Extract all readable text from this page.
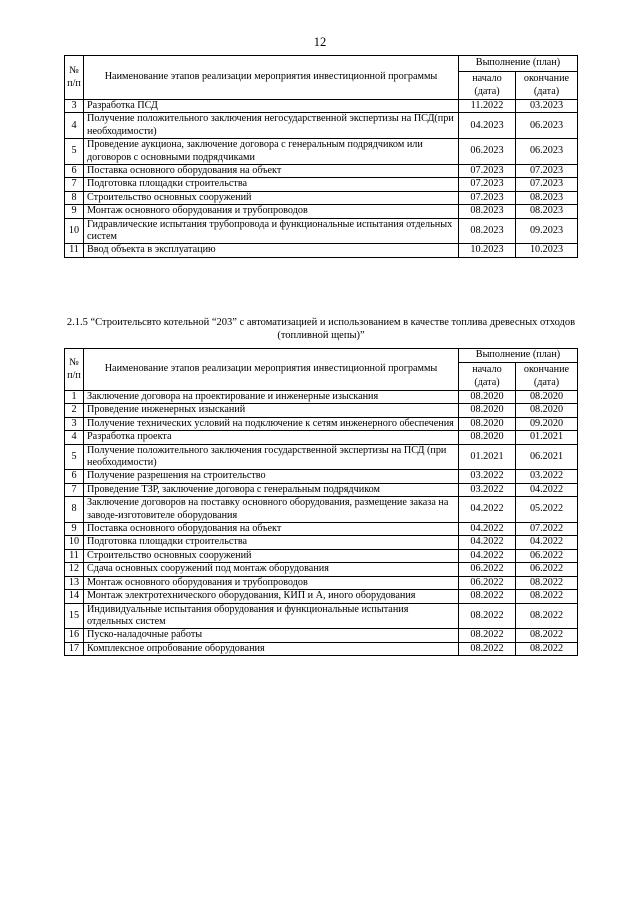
12
№ п/п	Наименование этапов реализации мероприятия инвестиционной программы	Выполнение (план)	
		начало (дата)	окончание (дата)
3	Разработка ПСД	11.2022	03.2023
4	Получение положительного заключения негосударственной экспертизы на ПСД(при необходимости)	04.2023	06.2023
5	Проведение аукциона, заключение договора с генеральным подрядчиком или договоров с основными подрядчиками	06.2023	06.2023
6	Поставка основного оборудования на объект	07.2023	07.2023
7	Подготовка площадки строительства	07.2023	07.2023
8	Строительство основных сооружений	07.2023	08.2023
9	Монтаж основного оборудования и трубопроводов	08.2023	08.2023
10	Гидравлические испытания трубопровода и функциональные испытания отдельных систем	08.2023	09.2023
11	Ввод объекта в эксплуатацию	10.2023	10.2023
2.1.5 “Строительсвто котельной “203” с автоматизацией и использованием в качестве топлива древесных отходов (топливной щепы)”
№ п/п	Наименование этапов реализации мероприятия инвестиционной программы	Выполнение (план)	
		начало (дата)	окончание (дата)
1	Заключение договора на проектирование и инженерные изыскания	08.2020	08.2020
2	Проведение инженерных изысканий	08.2020	08.2020
3	Получение технических условий на подключение к сетям инженерного обеспечения	08.2020	09.2020
4	Разработка проекта	08.2020	01.2021
5	Получение положительного заключения государственной экспертизы на ПСД (при необходимости)	01.2021	06.2021
6	Получение разрешения на строительство	03.2022	03.2022
7	Проведение ТЗР, заключение договора с генеральным подрядчиком	03.2022	04.2022
8	Заключение договоров на поставку основного оборудования, размещение заказа на заводе-изготовителе оборудования	04.2022	05.2022
9	Поставка основного оборудования на объект	04.2022	07.2022
10	Подготовка площадки строительства	04.2022	04.2022
11	Строительство основных сооружений	04.2022	06.2022
12	Сдача основных сооружений под монтаж оборудования	06.2022	06.2022
13	Монтаж основного оборудования и трубопроводов	06.2022	08.2022
14	Монтаж электротехнического оборудования, КИП и А, иного оборудования	08.2022	08.2022
15	Индивидуальные испытания оборудования и функциональные испытания отдельных систем	08.2022	08.2022
16	Пуско-наладочные работы	08.2022	08.2022
17	Комплексное опробование оборудования	08.2022	08.2022
